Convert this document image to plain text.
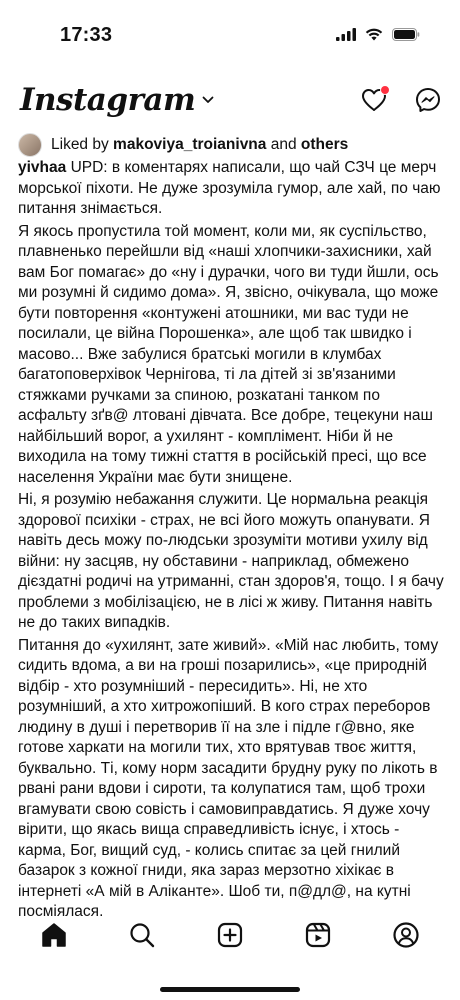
17:33
Instagram
Liked by
makoviya_troianivna
and
others

yivhaa UPD: в коментарях написали, що чай СЗЧ це мерч морської піхоти. Не дуже зрозуміла гумор, але хай, по чаю питання знімається.

Я якось пропустила той момент, коли ми, як суспільство, плавненько перейшли від «наші хлопчики-захисники, хай вам Бог помагає» до «ну і дурачки, чого ви туди йшли, ось ми розумні й сидимо дома». Я, звісно, очікувала, що може бути повторення «контужені атошники, ми вас туди не посилали, це війна Порошенка», але щоб так швидко і масово... Вже забулися братські могили в клумбах багатоповерхівок Чернігова, ті ла дітей зі зв'язаними стяжками ручками за спиною, розкатані танком по асфальту зґв@ лтовані дівчата. Все добре, тецекуни наш найбільший ворог, а ухилянт - комплімент. Ніби й не виходила на тому тижні стаття в російській пресі, що все населення України має бути знищене.

Ні, я розумію небажання служити. Це нормальна реакція здорової психіки - страх, не всі його можуть опанувати. Я навіть десь можу по-людськи зрозуміти мотиви ухилу від війни: ну засцяв, ну обставини - наприклад, обмежено дієздатні родичі на утриманні, стан здоров'я, тощо. І я бачу проблеми з мобілізацією, не в лісі ж живу. Питання навіть не до таких випадків.

Питання до «ухилянт, зате живий». «Мій нас любить, тому сидить вдома, а ви на гроші позарились», «це природній відбір - хто розумніший - пересидить». Ні, не хто розумніший, а хто хитрожопіший. В кого страх переборов людину в душі і перетворив її на зле і підле г@вно, яке готове харкати на могили тих, хто врятував твоє життя, буквально. Ті, кому норм засадити брудну руку по лікоть в рвані рани вдови і сироти, та колупатися там, щоб трохи вгамувати свою совість і самовиправдатись. Я дуже хочу вірити, що якась вища справедливість існує, і хтось - карма, Бог, вищий суд, - колись спитає за цей гнилий базарок з кожної гниди, яка зараз мерзотно хіхікає в інтернеті «А мій в Аліканте». Шоб ти, п@дл@, на кутні посміялася.
